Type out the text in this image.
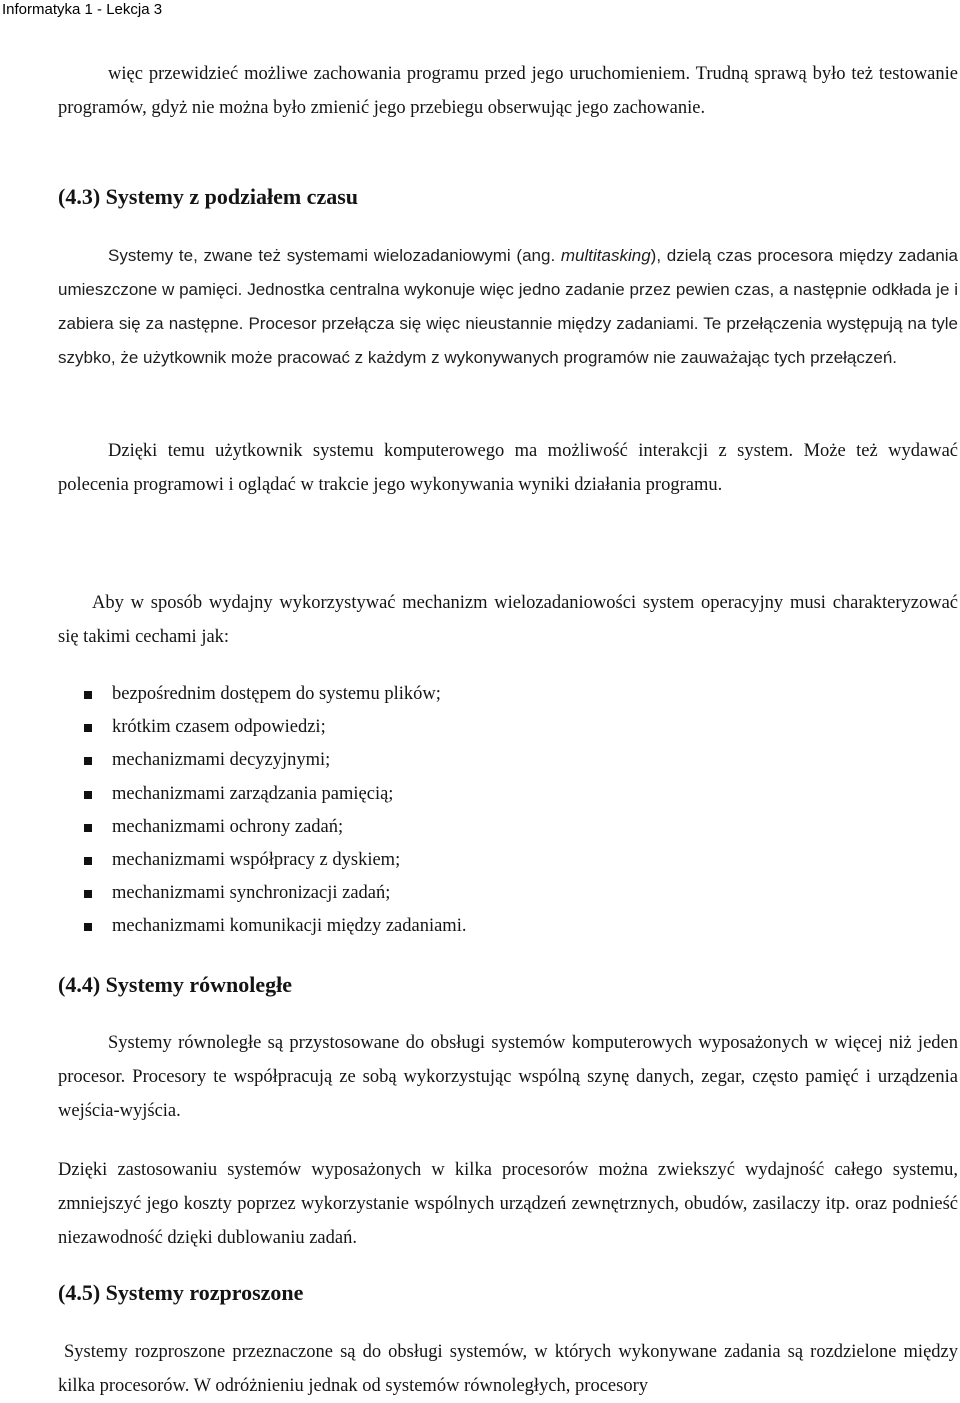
Informatyka 1 - Lekcja 3

więc przewidzieć możliwe zachowania programu przed jego uruchomieniem. Trudną sprawą było też testowanie programów, gdyż nie można było zmienić jego przebiegu obserwując jego zachowanie.

(4.3) Systemy z podziałem czasu

Systemy te, zwane też systemami wielozadaniowymi (ang. multitasking), dzielą czas procesora między zadania umieszczone w pamięci. Jednostka centralna wykonuje więc jedno zadanie przez pewien czas, a następnie odkłada je i zabiera się za następne. Procesor przełącza się więc nieustannie między zadaniami. Te przełączenia występują na tyle szybko, że użytkownik może pracować z każdym z wykonywanych programów nie zauważając tych przełączeń.

Dzięki temu użytkownik systemu komputerowego ma możliwość interakcji z system. Może też wydawać polecenia programowi i oglądać w trakcie jego wykonywania wyniki działania programu.

Aby w sposób wydajny wykorzystywać mechanizm wielozadaniowości system operacyjny musi charakteryzować się takimi cechami jak:

bezpośrednim dostępem do systemu plików;
krótkim czasem odpowiedzi;
mechanizmami decyzyjnymi;
mechanizmami zarządzania pamięcią;
mechanizmami ochrony zadań;
mechanizmami współpracy z dyskiem;
mechanizmami synchronizacji zadań;
mechanizmami komunikacji między zadaniami.
(4.4) Systemy równoległe

Systemy równoległe są przystosowane do obsługi systemów komputerowych wyposażonych w więcej niż jeden procesor. Procesory te współpracują ze sobą wykorzystując wspólną szynę danych, zegar, często pamięć i urządzenia wejścia-wyjścia.

Dzięki zastosowaniu systemów wyposażonych w kilka procesorów można zwiekszyć wydajność całego systemu, zmniejszyć jego koszty poprzez wykorzystanie wspólnych urządzeń zewnętrznych, obudów, zasilaczy itp. oraz podnieść niezawodność dzięki dublowaniu zadań.

(4.5) Systemy rozproszone

Systemy rozproszone przeznaczone są do obsługi systemów, w których wykonywane zadania są rozdzielone między kilka procesorów. W odróżnieniu jednak od systemów równoległych, procesory
